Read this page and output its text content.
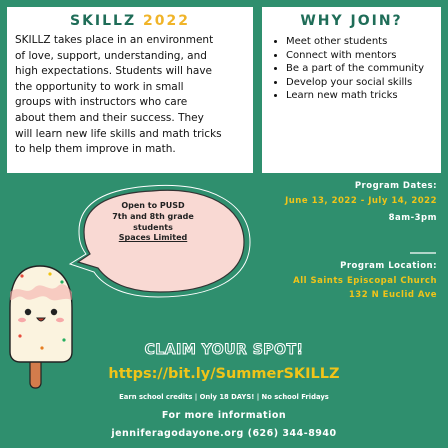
SKILLZ 2022
SKILLZ takes place in an environment
of love, support, understanding, and
high expectations. Students will have
the opportunity to work in small
groups with instructors who care
about them and their success. They
will learn new life skills and math tricks
to help them improve in math.
WHY JOIN?
• Meet other students
• Connect with mentors
• Be a part of the community
• Develop your social skills
• Learn new math tricks
Open to PUSD
7th and 8th grade
students
Spaces Limited
Program Dates:
June 13, 2022 - July 14, 2022
8am-3pm
Program Location:
All Saints Episcopal Church
132 N Euclid Ave
CLAIM YOUR SPOT!
https://bit.ly/SummerSKILLZ
Earn school credits | Only 18 DAYS! | No school Fridays
For more information
jenniferagodayone.org (626) 344-8940
